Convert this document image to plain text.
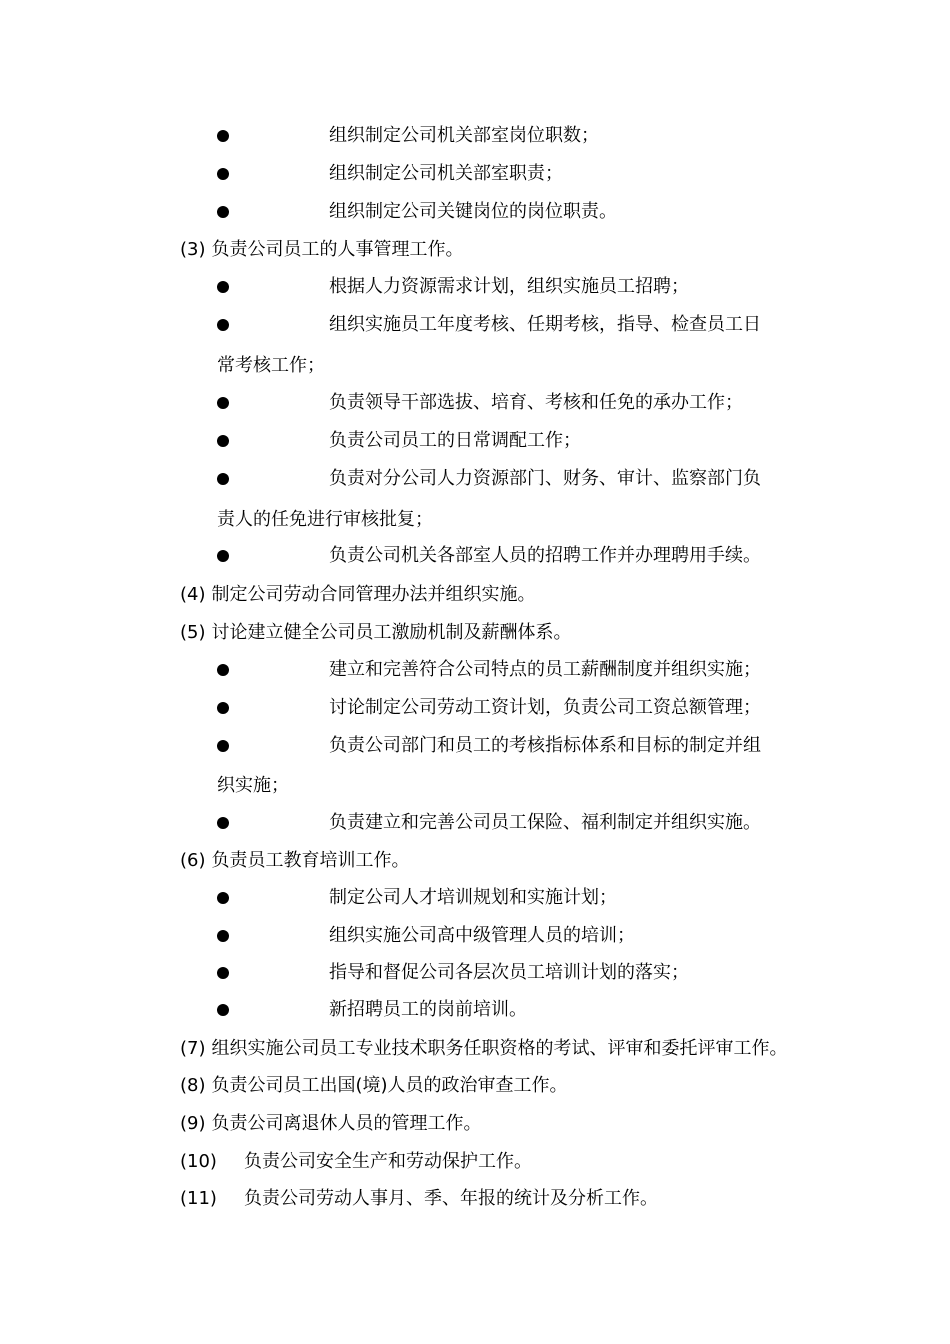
组织制定公司机关部室岗位职数；
组织制定公司机关部室职责；
组织制定公司关键岗位的岗位职责。
(3) 负责公司员工的人事管理工作。
根据人力资源需求计划，组织实施员工招聘；
组织实施员工年度考核、任期考核，指导、检查员工日
常考核工作；
负责领导干部选拔、培育、考核和任免的承办工作；
负责公司员工的日常调配工作；
负责对分公司人力资源部门、财务、审计、监察部门负
责人的任免进行审核批复；
负责公司机关各部室人员的招聘工作并办理聘用手续。
(4) 制定公司劳动合同管理办法并组织实施。
(5) 讨论建立健全公司员工激励机制及薪酬体系。
建立和完善符合公司特点的员工薪酬制度并组织实施；
讨论制定公司劳动工资计划，负责公司工资总额管理；
负责公司部门和员工的考核指标体系和目标的制定并组
织实施；
负责建立和完善公司员工保险、福利制定并组织实施。
(6) 负责员工教育培训工作。
制定公司人才培训规划和实施计划；
组织实施公司高中级管理人员的培训；
指导和督促公司各层次员工培训计划的落实；
新招聘员工的岗前培训。
(7) 组织实施公司员工专业技术职务任职资格的考试、评审和委托评审工作。
(8) 负责公司员工出国(境)人员的政治审查工作。
(9) 负责公司离退休人员的管理工作。
(10) 负责公司安全生产和劳动保护工作。
(11) 负责公司劳动人事月、季、年报的统计及分析工作。
